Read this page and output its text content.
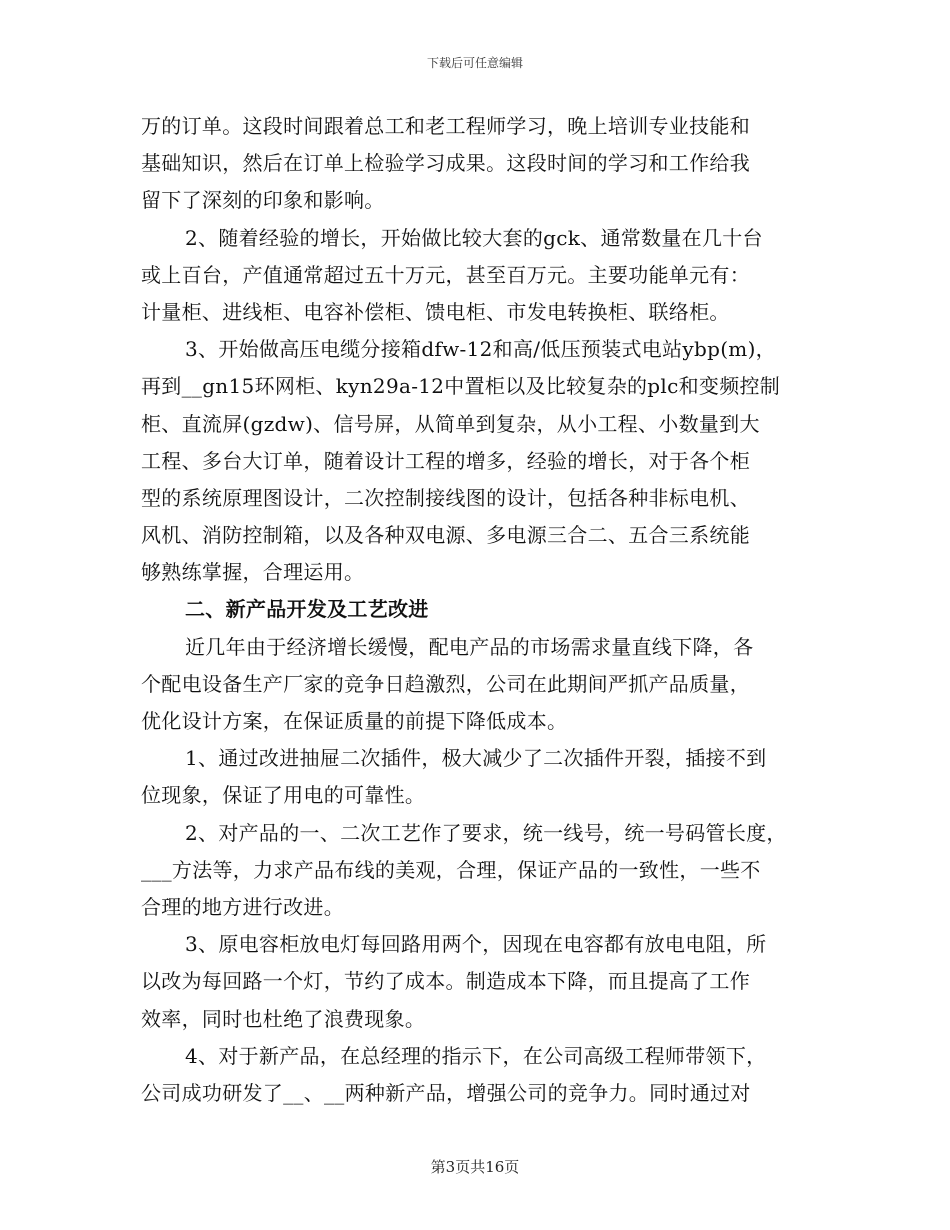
下载后可任意编辑
万的订单。这段时间跟着总工和老工程师学习，晚上培训专业技能和
基础知识，然后在订单上检验学习成果。这段时间的学习和工作给我
留下了深刻的印象和影响。
2、随着经验的增长，开始做比较大套的gck、通常数量在几十台
或上百台，产值通常超过五十万元，甚至百万元。主要功能单元有：
计量柜、进线柜、电容补偿柜、馈电柜、市发电转换柜、联络柜。
3、开始做高压电缆分接箱dfw-12和高/低压预装式电站ybp(m)，
再到__gn15环网柜、kyn29a-12中置柜以及比较复杂的plc和变频控制
柜、直流屏(gzdw)、信号屏，从简单到复杂，从小工程、小数量到大
工程、多台大订单，随着设计工程的增多，经验的增长，对于各个柜
型的系统原理图设计，二次控制接线图的设计，包括各种非标电机、
风机、消防控制箱，以及各种双电源、多电源三合二、五合三系统能
够熟练掌握，合理运用。
二、新产品开发及工艺改进
近几年由于经济增长缓慢，配电产品的市场需求量直线下降，各
个配电设备生产厂家的竞争日趋激烈，公司在此期间严抓产品质量，
优化设计方案，在保证质量的前提下降低成本。
1、通过改进抽屉二次插件，极大减少了二次插件开裂，插接不到
位现象，保证了用电的可靠性。
2、对产品的一、二次工艺作了要求，统一线号，统一号码管长度，
___方法等，力求产品布线的美观，合理，保证产品的一致性，一些不
合理的地方进行改进。
3、原电容柜放电灯每回路用两个，因现在电容都有放电电阻，所
以改为每回路一个灯，节约了成本。制造成本下降，而且提高了工作
效率，同时也杜绝了浪费现象。
4、对于新产品，在总经理的指示下，在公司高级工程师带领下，
公司成功研发了__、__两种新产品，增强公司的竞争力。同时通过对
第3页共16页
